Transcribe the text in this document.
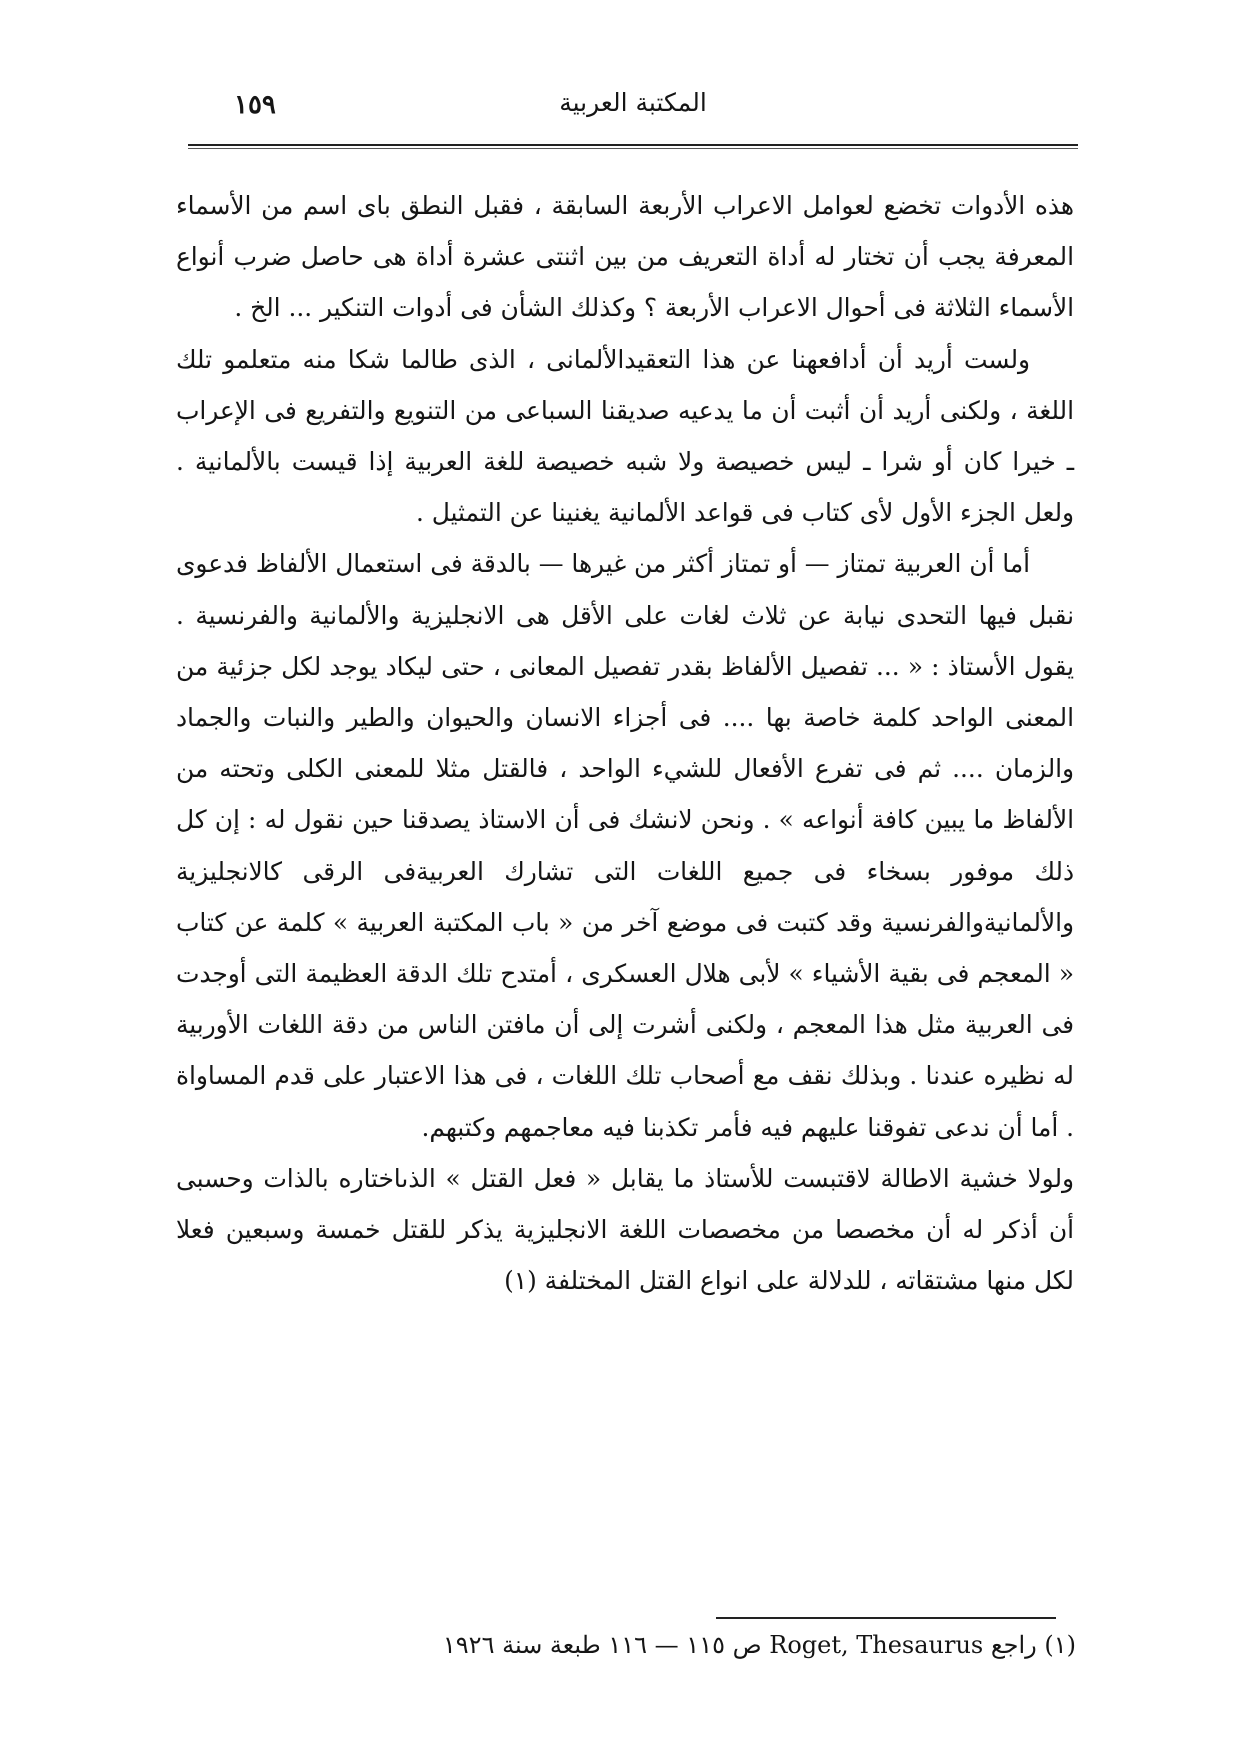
المكتبة العربية
١٥٩

هذه الأدوات تخضع لعوامل الاعراب الأربعة السابقة ، فقبل النطق باى اسم من الأسماء المعرفة يجب أن تختار له أداة التعريف من بين اثنتى عشرة أداة هى حاصل ضرب أنواع الأسماء الثلاثة فى أحوال الاعراب الأربعة ؟ وكذلك الشأن فى أدوات التنكير ... الخ .

ولست أريد أن أدافعهنا عن هذا التعقيدالألمانى ، الذى طالما شكا منه متعلمو تلك اللغة ، ولكنى أريد أن أثبت أن ما يدعيه صديقنا السباعى من التنويع والتفريع فى الإعراب ـ خيرا كان أو شرا ـ ليس خصيصة ولا شبه خصيصة للغة العربية إذا قيست بالألمانية . ولعل الجزء الأول لأى كتاب فى قواعد الألمانية يغنينا عن التمثيل .

أما أن العربية تمتاز — أو تمتاز أكثر من غيرها — بالدقة فى استعمال الألفاظ فدعوى نقبل فيها التحدى نيابة عن ثلاث لغات على الأقل هى الانجليزية والألمانية والفرنسية . يقول الأستاذ : « ... تفصيل الألفاظ بقدر تفصيل المعانى ، حتى ليكاد يوجد لكل جزئية من المعنى الواحد كلمة خاصة بها .... فى أجزاء الانسان والحيوان والطير والنبات والجماد والزمان .... ثم فى تفرع الأفعال للشيء الواحد ، فالقتل مثلا للمعنى الكلى وتحته من الألفاظ ما يبين كافة أنواعه » . ونحن لانشك فى أن الاستاذ يصدقنا حين نقول له : إن كل ذلك موفور بسخاء فى جميع اللغات التى تشارك العربيةفى الرقى كالانجليزية والألمانيةوالفرنسية وقد كتبت فى موضع آخر من « باب المكتبة العربية » كلمة عن كتاب « المعجم فى بقية الأشياء » لأبى هلال العسكرى ، أمتدح تلك الدقة العظيمة التى أوجدت فى العربية مثل هذا المعجم ، ولكنى أشرت إلى أن مافتن الناس من دقة اللغات الأوربية له نظيره عندنا . وبذلك نقف مع أصحاب تلك اللغات ، فى هذا الاعتبار على قدم المساواة . أما أن ندعى تفوقنا عليهم فيه فأمر تكذبنا فيه معاجمهم وكتبهم.

ولولا خشية الاطالة لاقتبست للأستاذ ما يقابل « فعل القتل » الذىاختاره بالذات وحسبى أن أذكر له أن مخصصا من مخصصات اللغة الانجليزية يذكر للقتل خمسة وسبعين فعلا لكل منها مشتقاته ، للدلالة على انواع القتل المختلفة (١)

(١) راجع Roget, Thesaurus ص ١١٥ — ١١٦ طبعة سنة ١٩٢٦
